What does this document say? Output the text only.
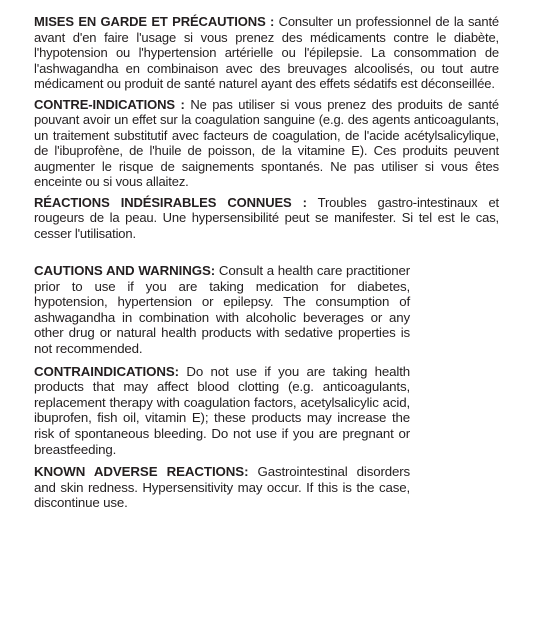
MISES EN GARDE ET PRÉCAUTIONS : Consulter un professionnel de la santé avant d'en faire l'usage si vous prenez des médicaments contre le diabète, l'hypotension ou l'hypertension artérielle ou l'épilepsie. La consommation de l'ashwagandha en combinaison avec des breuvages alcoolisés, ou tout autre médicament ou produit de santé naturel ayant des effets sédatifs est déconseillée.

CONTRE-INDICATIONS : Ne pas utiliser si vous prenez des produits de santé pouvant avoir un effet sur la coagulation sanguine (e.g. des agents anticoagulants, un traitement substitutif avec facteurs de coagulation, de l'acide acétylsalicylique, de l'ibuprofène, de l'huile de poisson, de la vitamine E). Ces produits peuvent augmenter le risque de saignements spontanés. Ne pas utiliser si vous êtes enceinte ou si vous allaitez.

RÉACTIONS INDÉSIRABLES CONNUES : Troubles gastro-intestinaux et rougeurs de la peau. Une hypersensibilité peut se manifester. Si tel est le cas, cesser l'utilisation.

CAUTIONS AND WARNINGS: Consult a health care practitioner prior to use if you are taking medication for diabetes, hypotension, hypertension or epilepsy. The consumption of ashwagandha in combination with alcoholic beverages or any other drug or natural health products with sedative properties is not recommended.

CONTRAINDICATIONS: Do not use if you are taking health products that may affect blood clotting (e.g. anticoagulants, replacement therapy with coagulation factors, acetylsalicylic acid, ibuprofen, fish oil, vitamin E); these products may increase the risk of spontaneous bleeding. Do not use if you are pregnant or breastfeeding.

KNOWN ADVERSE REACTIONS: Gastrointestinal disorders and skin redness. Hypersensitivity may occur. If this is the case, discontinue use.
